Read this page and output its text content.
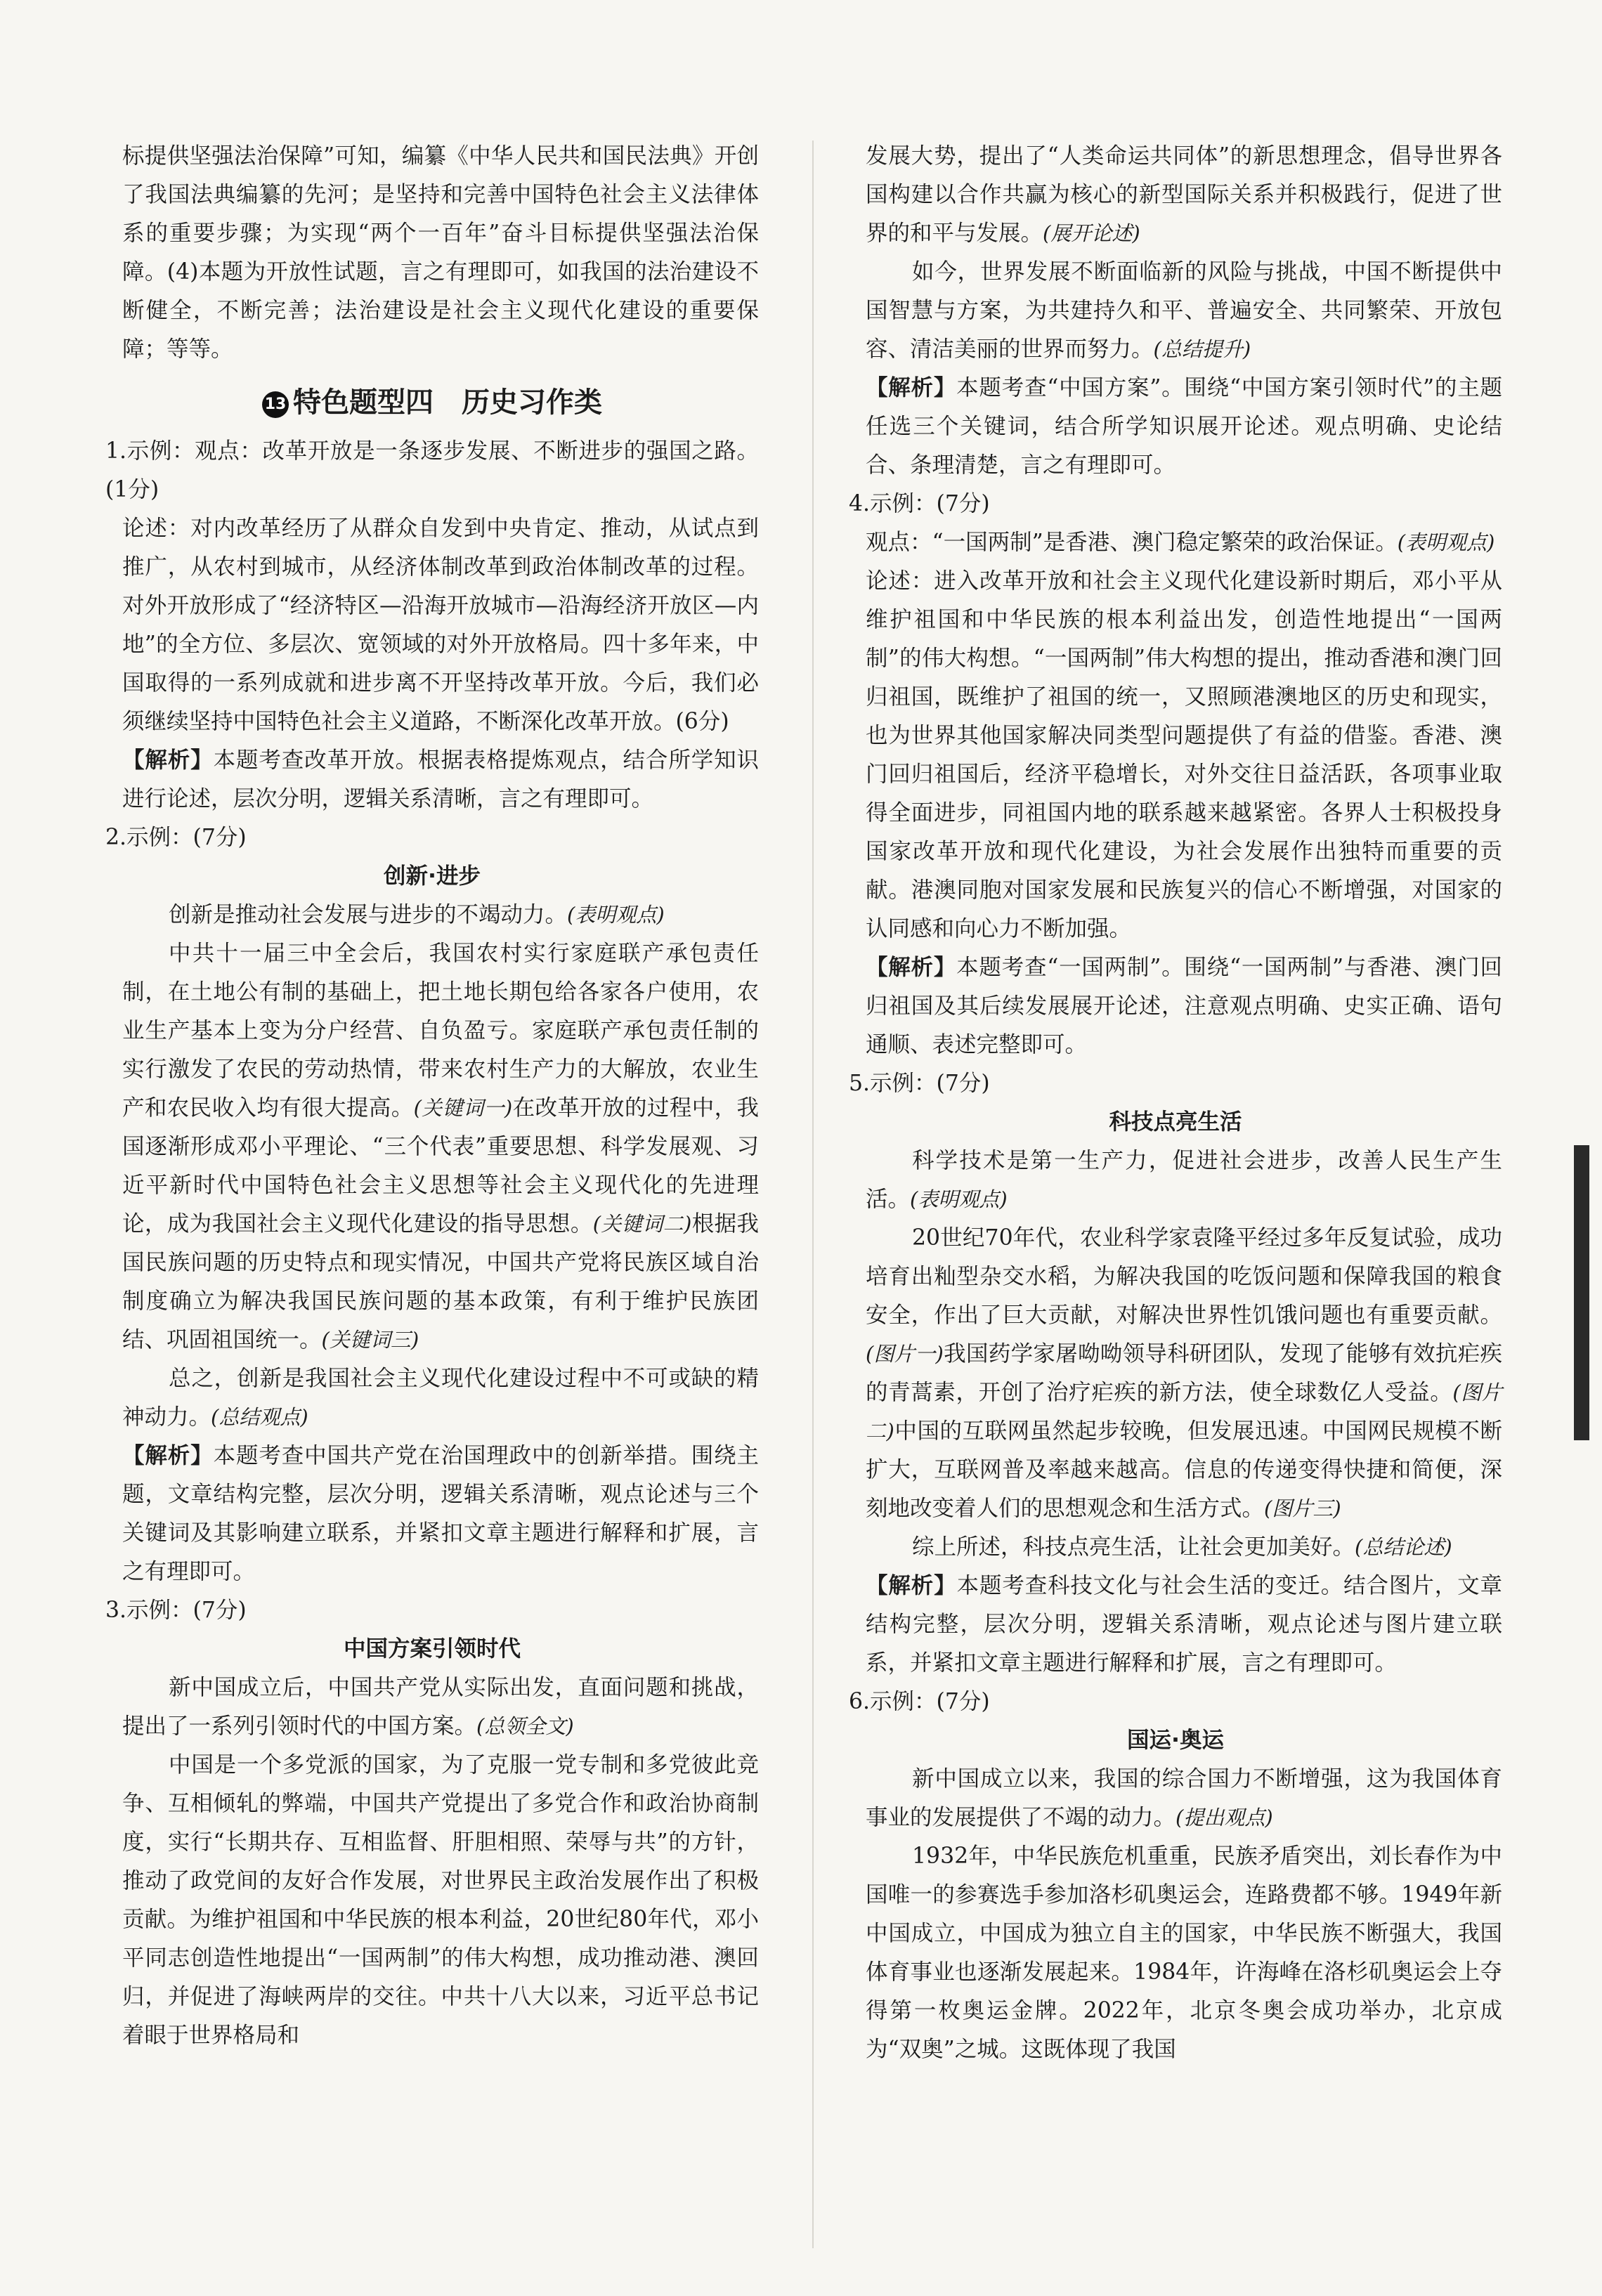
标提供坚强法治保障”可知，编纂《中华人民共和国民法典》开创了我国法典编纂的先河；是坚持和完善中国特色社会主义法律体系的重要步骤；为实现“两个一百年”奋斗目标提供坚强法治保障。(4)本题为开放性试题，言之有理即可，如我国的法治建设不断健全，不断完善；法治建设是社会主义现代化建设的重要保障；等等。

13 特色题型四　历史习作类

1.示例：观点：改革开放是一条逐步发展、不断进步的强国之路。(1分)

论述：对内改革经历了从群众自发到中央肯定、推动，从试点到推广，从农村到城市，从经济体制改革到政治体制改革的过程。对外开放形成了“经济特区—沿海开放城市—沿海经济开放区—内地”的全方位、多层次、宽领域的对外开放格局。四十多年来，中国取得的一系列成就和进步离不开坚持改革开放。今后，我们必须继续坚持中国特色社会主义道路，不断深化改革开放。(6分)

【解析】本题考查改革开放。根据表格提炼观点，结合所学知识进行论述，层次分明，逻辑关系清晰，言之有理即可。

2.示例：(7分)

创新·进步

创新是推动社会发展与进步的不竭动力。(表明观点)

中共十一届三中全会后，我国农村实行家庭联产承包责任制，在土地公有制的基础上，把土地长期包给各家各户使用，农业生产基本上变为分户经营、自负盈亏。家庭联产承包责任制的实行激发了农民的劳动热情，带来农村生产力的大解放，农业生产和农民收入均有很大提高。(关键词一)在改革开放的过程中，我国逐渐形成邓小平理论、“三个代表”重要思想、科学发展观、习近平新时代中国特色社会主义思想等社会主义现代化的先进理论，成为我国社会主义现代化建设的指导思想。(关键词二)根据我国民族问题的历史特点和现实情况，中国共产党将民族区域自治制度确立为解决我国民族问题的基本政策，有利于维护民族团结、巩固祖国统一。(关键词三)

总之，创新是我国社会主义现代化建设过程中不可或缺的精神动力。(总结观点)

【解析】本题考查中国共产党在治国理政中的创新举措。围绕主题，文章结构完整，层次分明，逻辑关系清晰，观点论述与三个关键词及其影响建立联系，并紧扣文章主题进行解释和扩展，言之有理即可。

3.示例：(7分)

中国方案引领时代

新中国成立后，中国共产党从实际出发，直面问题和挑战，提出了一系列引领时代的中国方案。(总领全文)

中国是一个多党派的国家，为了克服一党专制和多党彼此竞争、互相倾轧的弊端，中国共产党提出了多党合作和政治协商制度，实行“长期共存、互相监督、肝胆相照、荣辱与共”的方针，推动了政党间的友好合作发展，对世界民主政治发展作出了积极贡献。为维护祖国和中华民族的根本利益，20世纪80年代，邓小平同志创造性地提出“一国两制”的伟大构想，成功推动港、澳回归，并促进了海峡两岸的交往。中共十八大以来，习近平总书记着眼于世界格局和

发展大势，提出了“人类命运共同体”的新思想理念，倡导世界各国构建以合作共赢为核心的新型国际关系并积极践行，促进了世界的和平与发展。(展开论述)

如今，世界发展不断面临新的风险与挑战，中国不断提供中国智慧与方案，为共建持久和平、普遍安全、共同繁荣、开放包容、清洁美丽的世界而努力。(总结提升)

【解析】本题考查“中国方案”。围绕“中国方案引领时代”的主题任选三个关键词，结合所学知识展开论述。观点明确、史论结合、条理清楚，言之有理即可。

4.示例：(7分)

观点：“一国两制”是香港、澳门稳定繁荣的政治保证。(表明观点)

论述：进入改革开放和社会主义现代化建设新时期后，邓小平从维护祖国和中华民族的根本利益出发，创造性地提出“一国两制”的伟大构想。“一国两制”伟大构想的提出，推动香港和澳门回归祖国，既维护了祖国的统一，又照顾港澳地区的历史和现实，也为世界其他国家解决同类型问题提供了有益的借鉴。香港、澳门回归祖国后，经济平稳增长，对外交往日益活跃，各项事业取得全面进步，同祖国内地的联系越来越紧密。各界人士积极投身国家改革开放和现代化建设，为社会发展作出独特而重要的贡献。港澳同胞对国家发展和民族复兴的信心不断增强，对国家的认同感和向心力不断加强。

【解析】本题考查“一国两制”。围绕“一国两制”与香港、澳门回归祖国及其后续发展展开论述，注意观点明确、史实正确、语句通顺、表述完整即可。

5.示例：(7分)

科技点亮生活

科学技术是第一生产力，促进社会进步，改善人民生产生活。(表明观点)

20世纪70年代，农业科学家袁隆平经过多年反复试验，成功培育出籼型杂交水稻，为解决我国的吃饭问题和保障我国的粮食安全，作出了巨大贡献，对解决世界性饥饿问题也有重要贡献。(图片一)我国药学家屠呦呦领导科研团队，发现了能够有效抗疟疾的青蒿素，开创了治疗疟疾的新方法，使全球数亿人受益。(图片二)中国的互联网虽然起步较晚，但发展迅速。中国网民规模不断扩大，互联网普及率越来越高。信息的传递变得快捷和简便，深刻地改变着人们的思想观念和生活方式。(图片三)

综上所述，科技点亮生活，让社会更加美好。(总结论述)

【解析】本题考查科技文化与社会生活的变迁。结合图片，文章结构完整，层次分明，逻辑关系清晰，观点论述与图片建立联系，并紧扣文章主题进行解释和扩展，言之有理即可。

6.示例：(7分)

国运·奥运

新中国成立以来，我国的综合国力不断增强，这为我国体育事业的发展提供了不竭的动力。(提出观点)

1932年，中华民族危机重重，民族矛盾突出，刘长春作为中国唯一的参赛选手参加洛杉矶奥运会，连路费都不够。1949年新中国成立，中国成为独立自主的国家，中华民族不断强大，我国体育事业也逐渐发展起来。1984年，许海峰在洛杉矶奥运会上夺得第一枚奥运金牌。2022年，北京冬奥会成功举办，北京成为“双奥”之城。这既体现了我国
